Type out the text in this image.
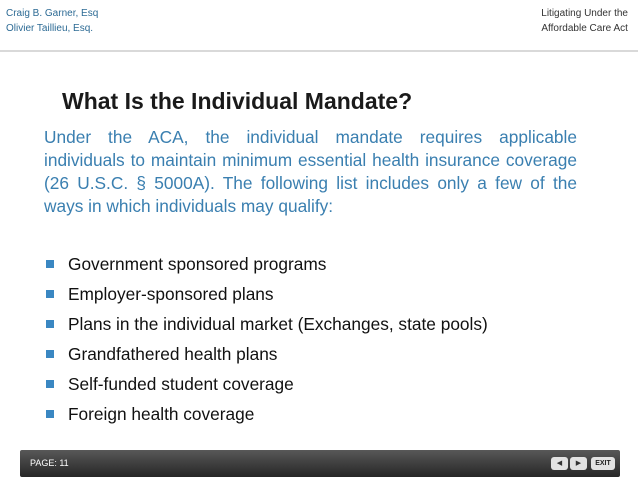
Craig B. Garner, Esq
Olivier Taillieu, Esq.
Litigating Under the
Affordable Care Act
What Is the Individual Mandate?

Under the ACA, the individual mandate requires applicable individuals to maintain minimum essential health insurance coverage (26 U.S.C. § 5000A). The following list includes only a few of the ways in which individuals may qualify:

Government sponsored programs
Employer-sponsored plans
Plans in the individual market (Exchanges, state pools)
Grandfathered health plans
Self-funded student coverage
Foreign health coverage
PAGE: 11	◀	▶	EXIT
